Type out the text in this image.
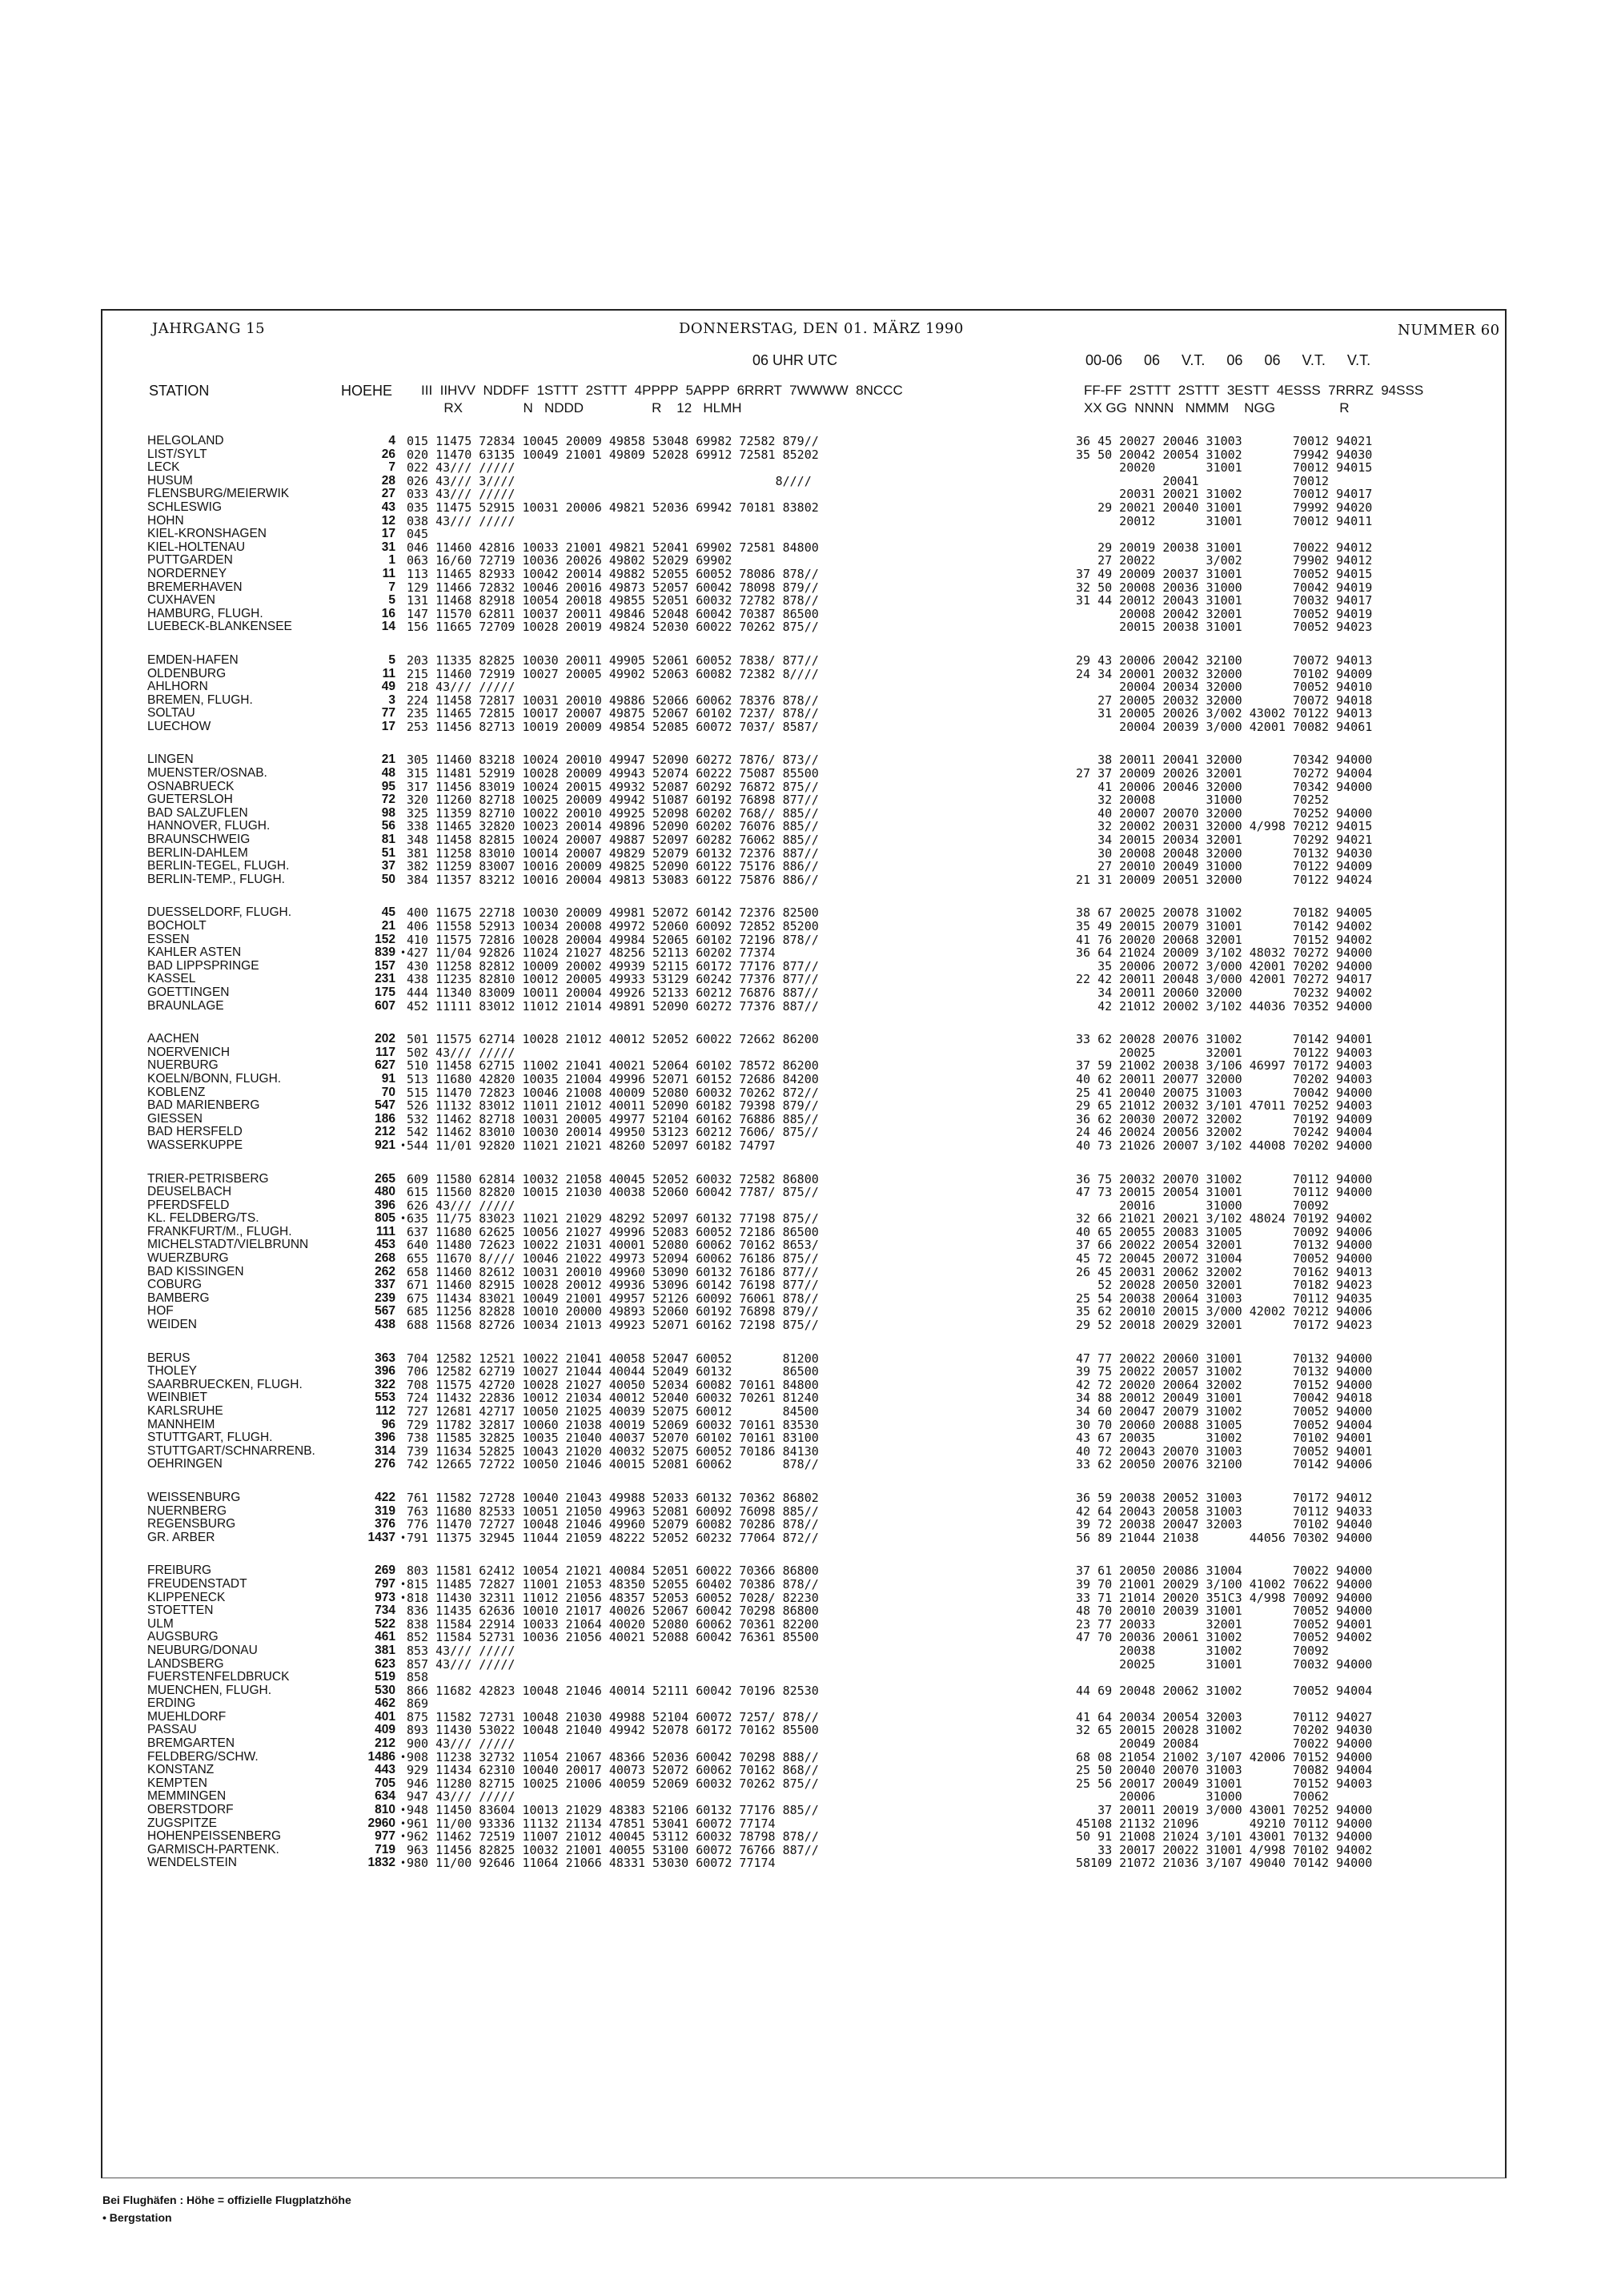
JAHRGANG 15	DONNERSTAG, DEN 01. MÄRZ 1990	NUMMER 60
06 UHR UTC	00-06 06 V.T. 06 06 V.T. V.T.
STATION	HOEHE III  IIHVV  NDDFF  1STTT  2STTT  4PPPP  5APPP  6RRRT  7WWWW  8NCCC
RX                N   NDDD                  R    12   HLMH
FF-FF  2STTT  2STTT  3ESTT  4ESSS  7RRRZ  94SSS
XX GG  NNNN   NMMM    NGG                 R
HELGOLAND	4 015 11475 72834 10045 20009 49858 53048 69982 72582 879//	36 45 20027 20046 31003       70012 94021
LIST/SYLT	26 020 11470 63135 10049 21001 49809 52028 69912 72581 85202	35 50 20042 20054 31002       79942 94030
LECK	7 022 43/// /////	20020       31001       70012 94015
HUSUM	28 026 43/// 3////                                    8////	20041             70012
FLENSBURG/MEIERWIK	27 033 43/// /////	20031 20021 31002       70012 94017
SCHLESWIG	43 035 11475 52915 10031 20006 49821 52036 69942 70181 83802	29 20021 20040 31001       79992 94020
HOHN	12 038 43/// /////	20012       31001       70012 94011
KIEL-KRONSHAGEN	17 045
KIEL-HOLTENAU	31 046 11460 42816 10033 21001 49821 52041 69902 72581 84800	29 20019 20038 31001       70022 94012
PUTTGARDEN	1 063 16/60 72719 10036 20026 49802 52029 69902	27 20022       3/002       79902 94012
NORDERNEY	11 113 11465 82933 10042 20014 49882 52055 60052 78086 878//	37 49 20009 20037 31001       70052 94015
BREMERHAVEN	7 129 11466 72832 10046 20016 49873 52057 60042 78098 879//	32 50 20008 20036 31000       70042 94019
CUXHAVEN	5 131 11468 82918 10054 20018 49855 52051 60032 72782 878//	31 44 20012 20043 31001       70032 94017
HAMBURG, FLUGH.	16 147 11570 62811 10037 20011 49846 52048 60042 70387 86500	20008 20042 32001       70052 94019
LUEBECK-BLANKENSEE	14 156 11665 72709 10028 20019 49824 52030 60022 70262 875//	20015 20038 31001       70052 94023
EMDEN-HAFEN	5 203 11335 82825 10030 20011 49905 52061 60052 7838/ 877//	29 43 20006 20042 32100       70072 94013
OLDENBURG	11 215 11460 72919 10027 20005 49902 52063 60082 72382 8////	24 34 20001 20032 32000       70102 94009
AHLHORN	49 218 43/// /////	20004 20034 32000       70052 94010
BREMEN, FLUGH.	3 224 11458 72817 10031 20010 49886 52066 60062 78376 878//	27 20005 20032 32000       70072 94018
SOLTAU	77 235 11465 72815 10017 20007 49875 52067 60102 7237/ 878//	31 20005 20026 3/002 43002 70122 94013
LUECHOW	17 253 11456 82713 10019 20009 49854 52085 60072 7037/ 8587/	20004 20039 3/000 42001 70082 94061
LINGEN	21 305 11460 83218 10024 20010 49947 52090 60272 7876/ 873//	38 20011 20041 32000       70342 94000
MUENSTER/OSNAB.	48 315 11481 52919 10028 20009 49943 52074 60222 75087 85500	27 37 20009 20026 32001       70272 94004
OSNABRUECK	95 317 11456 83019 10024 20015 49932 52087 60292 76872 875//	41 20006 20046 32000       70342 94000
GUETERSLOH	72 320 11260 82718 10025 20009 49942 51087 60192 76898 877//	32 20008       31000       70252
BAD SALZUFLEN	98 325 11359 82710 10022 20010 49925 52098 60202 768// 885//	40 20007 20070 32000       70252 94000
HANNOVER, FLUGH.	56 338 11465 32820 10023 20014 49896 52090 60202 76076 885//	32 20002 20031 32000 4/998 70212 94015
BRAUNSCHWEIG	81 348 11458 82815 10024 20007 49887 52097 60282 76062 885//	34 20015 20034 32001       70292 94021
BERLIN-DAHLEM	51 381 11258 83010 10014 20007 49829 52079 60132 72376 887//	30 20008 20048 32000       70132 94030
BERLIN-TEGEL, FLUGH.	37 382 11259 83007 10016 20009 49825 52090 60122 75176 886//	27 20010 20049 31000       70122 94009
BERLIN-TEMP., FLUGH.	50 384 11357 83212 10016 20004 49813 53083 60122 75876 886//	21 31 20009 20051 32000       70122 94024
DUESSELDORF, FLUGH.	45 400 11675 22718 10030 20009 49981 52072 60142 72376 82500	38 67 20025 20078 31002       70182 94005
BOCHOLT	21 406 11558 52913 10034 20008 49972 52060 60092 72852 85200	35 49 20015 20079 31001       70142 94002
ESSEN	152 410 11575 72816 10028 20004 49984 52065 60102 72196 878//	41 76 20020 20068 32001       70152 94002
KAHLER ASTEN	839 • 427 11/04 92826 11024 21027 48256 52113 60202 77374	36 64 21024 20009 3/102 48032 70272 94000
BAD LIPPSPRINGE	157 430 11258 82812 10009 20002 49939 52115 60172 77176 877//	35 20006 20072 3/000 42001 70202 94000
KASSEL	231 438 11235 82810 10012 20005 49933 53129 60242 77376 877//	22 42 20011 20048 3/000 42001 70272 94017
GOETTINGEN	175 444 11340 83009 10011 20004 49926 52133 60212 76876 887//	34 20011 20060 32000       70232 94002
BRAUNLAGE	607 452 11111 83012 11012 21014 49891 52090 60272 77376 887//	42 21012 20002 3/102 44036 70352 94000
AACHEN	202 501 11575 62714 10028 21012 40012 52052 60022 72662 86200	33 62 20028 20076 31002       70142 94001
NOERVENICH	117 502 43/// /////	20025       32001       70122 94003
NUERBURG	627 510 11458 62715 11002 21041 40021 52064 60102 78572 86200	37 59 21002 20038 3/106 46997 70172 94003
KOELN/BONN, FLUGH.	91 513 11680 42820 10035 21004 49996 52071 60152 72686 84200	40 62 20011 20077 32000       70202 94003
KOBLENZ	70 515 11470 72823 10046 21008 40009 52080 60032 70262 872//	25 41 20040 20075 31003       70042 94000
BAD MARIENBERG	547 526 11132 83012 11011 21012 40011 52090 60182 79398 879//	29 65 21012 20032 3/101 47011 70252 94003
GIESSEN	186 532 11462 82718 10031 20005 49977 52104 60162 76886 885//	36 62 20030 20072 32002       70192 94009
BAD HERSFELD	212 542 11462 83010 10030 20014 49950 53123 60212 7606/ 875//	24 46 20024 20056 32002       70242 94004
WASSERKUPPE	921 • 544 11/01 92820 11021 21021 48260 52097 60182 74797	40 73 21026 20007 3/102 44008 70202 94000
TRIER-PETRISBERG	265 609 11580 62814 10032 21058 40045 52052 60032 72582 86800	36 75 20032 20070 31002       70112 94000
DEUSELBACH	480 615 11560 82820 10015 21030 40038 52060 60042 7787/ 875//	47 73 20015 20054 31001       70112 94000
PFERDSFELD	396 626 43/// /////	20016       31000       70092
KL. FELDBERG/TS.	805 • 635 11/75 83023 11021 21029 48292 52097 60132 77198 875//	32 66 21021 20021 3/102 48024 70192 94002
FRANKFURT/M., FLUGH.	111 637 11680 62625 10056 21027 49996 52083 60052 72186 86500	40 65 20055 20083 31005       70092 94006
MICHELSTADT/VIELBRUNN	453 640 11480 72623 10022 21031 40001 52080 60062 70162 8653/	37 66 20022 20054 32001       70132 94000
WUERZBURG	268 655 11670 8//// 10046 21022 49973 52094 60062 76186 875//	45 72 20045 20072 31004       70052 94000
BAD KISSINGEN	262 658 11460 82612 10031 20010 49960 53090 60132 76186 877//	26 45 20031 20062 32002       70162 94013
COBURG	337 671 11460 82915 10028 20012 49936 53096 60142 76198 877//	52 20028 20050 32001       70182 94023
BAMBERG	239 675 11434 83021 10049 21001 49957 52126 60092 76061 878//	25 54 20038 20064 31003       70112 94035
HOF	567 685 11256 82828 10010 20000 49893 52060 60192 76898 879//	35 62 20010 20015 3/000 42002 70212 94006
WEIDEN	438 688 11568 82726 10034 21013 49923 52071 60162 72198 875//	29 52 20018 20029 32001       70172 94023
BERUS	363 704 12582 12521 10022 21041 40058 52047 60052       81200	47 77 20022 20060 31001       70132 94000
THOLEY	396 706 12582 62719 10027 21044 40044 52049 60132       86500	39 75 20022 20057 31002       70132 94000
SAARBRUECKEN, FLUGH.	322 708 11575 42720 10028 21027 40050 52034 60082 70161 84800	42 72 20020 20064 32002       70152 94000
WEINBIET	553 724 11432 22836 10012 21034 40012 52040 60032 70261 81240	34 88 20012 20049 31001       70042 94018
KARLSRUHE	112 727 12681 42717 10050 21025 40039 52075 60012       84500	34 60 20047 20079 31002       70052 94000
MANNHEIM	96 729 11782 32817 10060 21038 40019 52069 60032 70161 83530	30 70 20060 20088 31005       70052 94004
STUTTGART, FLUGH.	396 738 11585 32825 10035 21040 40037 52070 60102 70161 83100	43 67 20035       31002       70102 94001
STUTTGART/SCHNARRENB.	314 739 11634 52825 10043 21020 40032 52075 60052 70186 84130	40 72 20043 20070 31003       70052 94001
OEHRINGEN	276 742 12665 72722 10050 21046 40015 52081 60062       878//	33 62 20050 20076 32100       70142 94006
WEISSENBURG	422 761 11582 72728 10040 21043 49988 52033 60132 70362 86802	36 59 20038 20052 31003       70172 94012
NUERNBERG	319 763 11680 82533 10051 21050 49963 52081 60092 76098 885//	42 64 20043 20058 31003       70112 94033
REGENSBURG	376 776 11470 72727 10048 21046 49960 52079 60082 70286 878//	39 72 20038 20047 32003       70102 94040
GR. ARBER	1437 • 791 11375 32945 11044 21059 48222 52052 60232 77064 872//	56 89 21044 21038       44056 70302 94000
FREIBURG	269 803 11581 62412 10054 21021 40084 52051 60022 70366 86800	37 61 20050 20086 31004       70022 94000
FREUDENSTADT	797 • 815 11485 72827 11001 21053 48350 52055 60402 70386 878//	39 70 21001 20029 3/100 41002 70622 94000
KLIPPENECK	973 • 818 11430 32311 11012 21056 48357 52053 60052 7028/ 82230	33 71 21014 20020 351C3 4/998 70092 94000
STOETTEN	734 836 11435 62636 10010 21017 40026 52067 60042 70298 86800	48 70 20010 20039 31001       70052 94000
ULM	522 838 11584 22914 10033 21064 40020 52080 60062 70361 82200	23 77 20033       32001       70052 94001
AUGSBURG	461 852 11584 52731 10036 21056 40021 52088 60042 76361 85500	47 70 20036 20061 31002       70052 94002
NEUBURG/DONAU	381 853 43/// /////	20038       31002       70092
LANDSBERG	623 857 43/// /////	20025       31001       70032 94000
FUERSTENFELDBRUCK	519 858
MUENCHEN, FLUGH.	530 866 11682 42823 10048 21046 40014 52111 60042 70196 82530	44 69 20048 20062 31002       70052 94004
ERDING	462 869
MUEHLDORF	401 875 11582 72731 10048 21030 49988 52104 60072 7257/ 878//	41 64 20034 20054 32003       70112 94027
PASSAU	409 893 11430 53022 10048 21040 49942 52078 60172 70162 85500	32 65 20015 20028 31002       70202 94030
BREMGARTEN	212 900 43/// /////	20049 20084             70022 94000
FELDBERG/SCHW.	1486 • 908 11238 32732 11054 21067 48366 52036 60042 70298 888//	68 08 21054 21002 3/107 42006 70152 94000
KONSTANZ	443 929 11434 62310 10040 20017 40073 52072 60062 70162 868//	25 50 20040 20070 31003       70082 94004
KEMPTEN	705 946 11280 82715 10025 21006 40059 52069 60032 70262 875//	25 56 20017 20049 31001       70152 94003
MEMMINGEN	634 947 43/// /////	20006       31000       70062
OBERSTDORF	810 • 948 11450 83604 10013 21029 48383 52106 60132 77176 885//	37 20011 20019 3/000 43001 70252 94000
ZUGSPITZE	2960 • 961 11/00 93336 11132 21134 47851 53041 60072 77174	45108 21132 21096       49210 70112 94000
HOHENPEISSENBERG	977 • 962 11462 72519 11007 21012 40045 53112 60032 78798 878//	50 91 21008 21024 3/101 43001 70132 94000
GARMISCH-PARTENK.	719 963 11456 82825 10032 21001 40055 53100 60072 76766 887//	33 20017 20022 31001 4/998 70102 94002
WENDELSTEIN	1832 • 980 11/00 92646 11064 21066 48331 53030 60072 77174	58109 21072 21036 3/107 49040 70142 94000
Bei Flughäfen : Höhe = offizielle Flugplatzhöhe
• Bergstation
